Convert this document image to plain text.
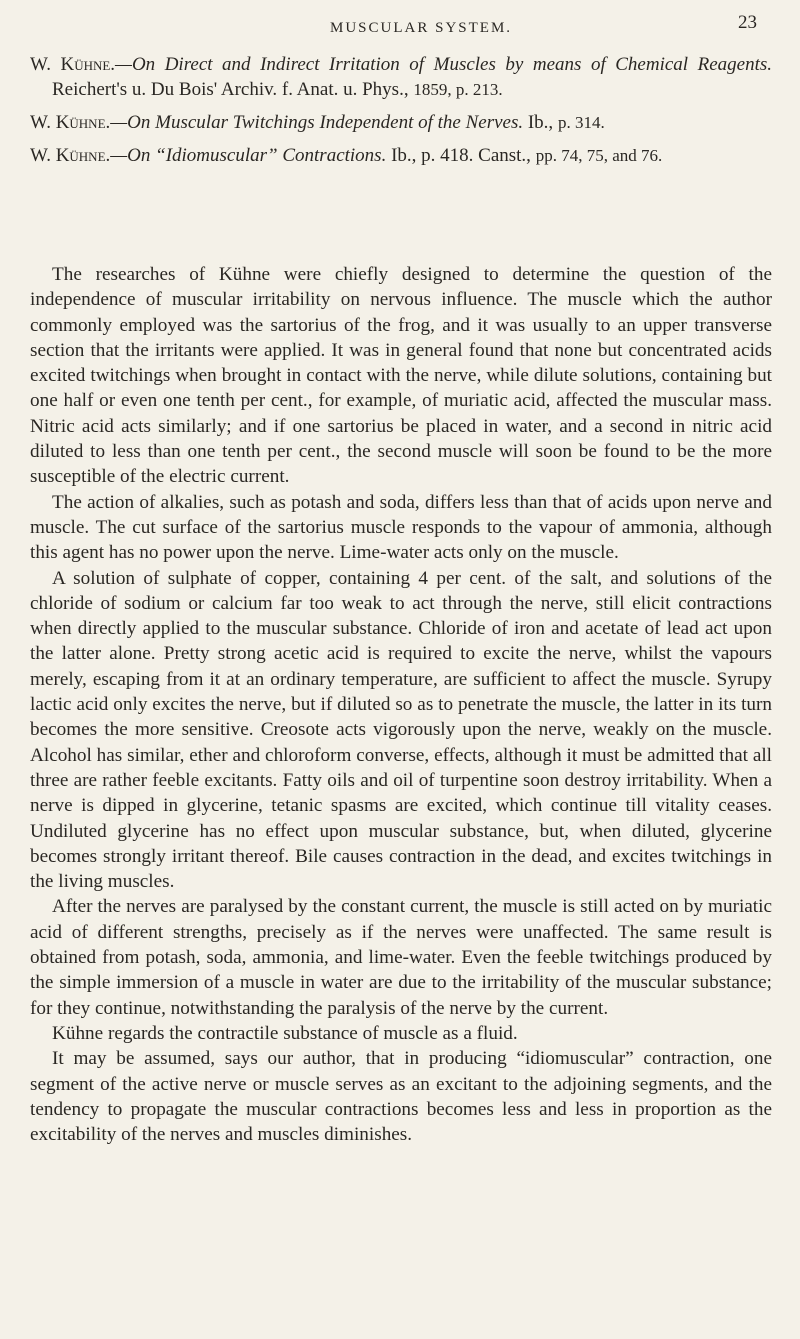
MUSCULAR SYSTEM.	23

W. Kühne.—On Direct and Indirect Irritation of Muscles by means of Chemical Reagents. Reichert's u. Du Bois' Archiv. f. Anat. u. Phys., 1859, p. 213.

W. Kühne.—On Muscular Twitchings Independent of the Nerves. Ib., p. 314.

W. Kühne.—On “Idiomuscular” Contractions. Ib., p. 418. Canst., pp. 74, 75, and 76.

The researches of Kühne were chiefly designed to determine the question of the independence of muscular irritability on nervous influence. The muscle which the author commonly employed was the sartorius of the frog, and it was usually to an upper transverse section that the irritants were applied. It was in general found that none but concentrated acids excited twitchings when brought in contact with the nerve, while dilute solutions, containing but one half or even one tenth per cent., for example, of muriatic acid, affected the muscular mass. Nitric acid acts similarly; and if one sartorius be placed in water, and a second in nitric acid diluted to less than one tenth per cent., the second muscle will soon be found to be the more susceptible of the electric current.

The action of alkalies, such as potash and soda, differs less than that of acids upon nerve and muscle. The cut surface of the sartorius muscle responds to the vapour of ammonia, although this agent has no power upon the nerve. Lime-water acts only on the muscle.

A solution of sulphate of copper, containing 4 per cent. of the salt, and solutions of the chloride of sodium or calcium far too weak to act through the nerve, still elicit contractions when directly applied to the muscular substance. Chloride of iron and acetate of lead act upon the latter alone. Pretty strong acetic acid is required to excite the nerve, whilst the vapours merely, escaping from it at an ordinary temperature, are sufficient to affect the muscle. Syrupy lactic acid only excites the nerve, but if diluted so as to penetrate the muscle, the latter in its turn becomes the more sensitive. Creosote acts vigorously upon the nerve, weakly on the muscle. Alcohol has similar, ether and chloroform converse, effects, although it must be admitted that all three are rather feeble excitants. Fatty oils and oil of turpentine soon destroy irritability. When a nerve is dipped in glycerine, tetanic spasms are excited, which continue till vitality ceases. Undiluted glycerine has no effect upon muscular substance, but, when diluted, glycerine becomes strongly irritant thereof. Bile causes contraction in the dead, and excites twitchings in the living muscles.

After the nerves are paralysed by the constant current, the muscle is still acted on by muriatic acid of different strengths, precisely as if the nerves were unaffected. The same result is obtained from potash, soda, ammonia, and lime-water. Even the feeble twitchings produced by the simple immersion of a muscle in water are due to the irritability of the muscular substance; for they continue, notwithstanding the paralysis of the nerve by the current.

Kühne regards the contractile substance of muscle as a fluid.

It may be assumed, says our author, that in producing “idiomuscular” contraction, one segment of the active nerve or muscle serves as an excitant to the adjoining segments, and the tendency to propagate the muscular contractions becomes less and less in proportion as the excitability of the nerves and muscles diminishes.
